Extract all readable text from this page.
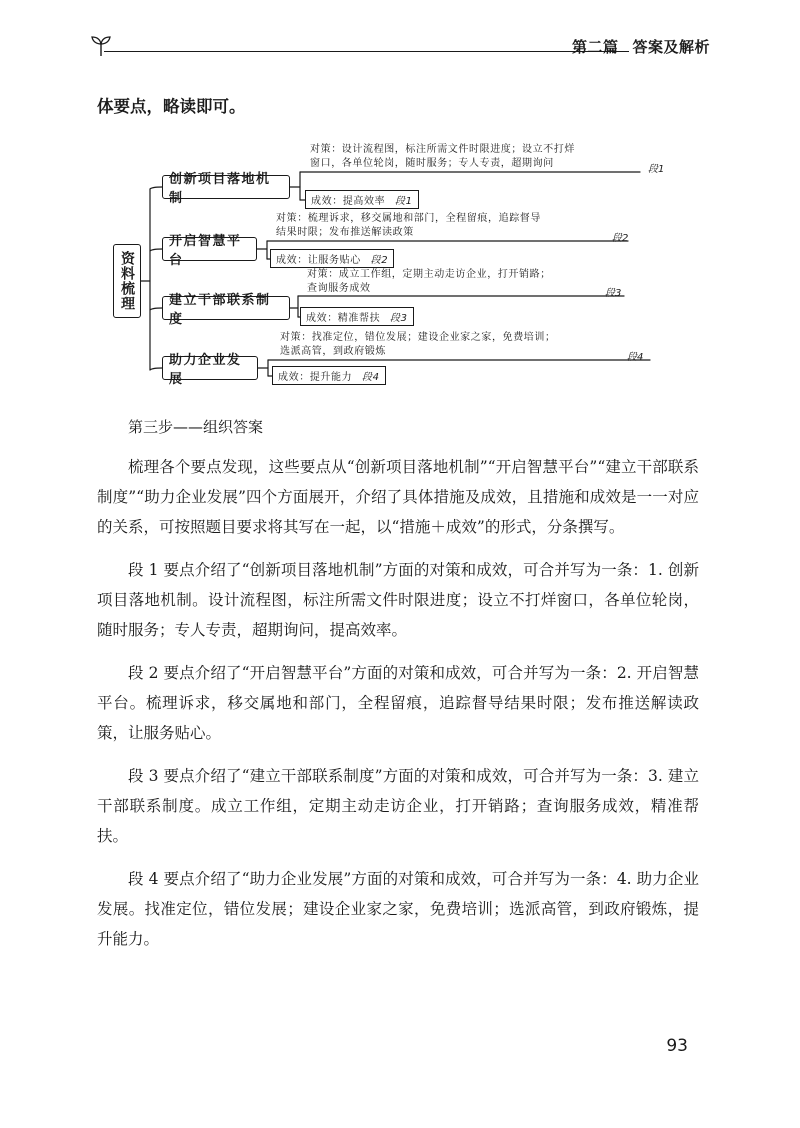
第二篇 答案及解析
体要点，略读即可。
资料梳理
创新项目落地机制
对策：设计流程图，标注所需文件时限进度；设立不打烊
窗口，各单位轮岗，随时服务；专人专责，超期询问
段1
成效：提高效率 段1
开启智慧平台
对策：梳理诉求，移交属地和部门，全程留痕，追踪督导
结果时限；发布推送解读政策
段2
成效：让服务贴心 段2
建立干部联系制度
对策：成立工作组，定期主动走访企业，打开销路；
查询服务成效	段3
成效：精准帮扶 段3
助力企业发展
对策：找准定位，错位发展；建设企业家之家，免费培训；
选派高管，到政府锻炼
段4
成效：提升能力 段4
第三步——组织答案

梳理各个要点发现，这些要点从“创新项目落地机制”“开启智慧平台”“建立干部联系制度”“助力企业发展”四个方面展开，介绍了具体措施及成效，且措施和成效是一一对应的关系，可按照题目要求将其写在一起，以“措施＋成效”的形式，分条撰写。

段 1 要点介绍了“创新项目落地机制”方面的对策和成效，可合并写为一条：1. 创新项目落地机制。设计流程图，标注所需文件时限进度；设立不打烊窗口，各单位轮岗，随时服务；专人专责，超期询问，提高效率。

段 2 要点介绍了“开启智慧平台”方面的对策和成效，可合并写为一条：2. 开启智慧平台。梳理诉求，移交属地和部门，全程留痕，追踪督导结果时限；发布推送解读政策，让服务贴心。

段 3 要点介绍了“建立干部联系制度”方面的对策和成效，可合并写为一条：3. 建立干部联系制度。成立工作组，定期主动走访企业，打开销路；查询服务成效，精准帮扶。

段 4 要点介绍了“助力企业发展”方面的对策和成效，可合并写为一条：4. 助力企业发展。找准定位，错位发展；建设企业家之家，免费培训；选派高管，到政府锻炼，提升能力。

93
